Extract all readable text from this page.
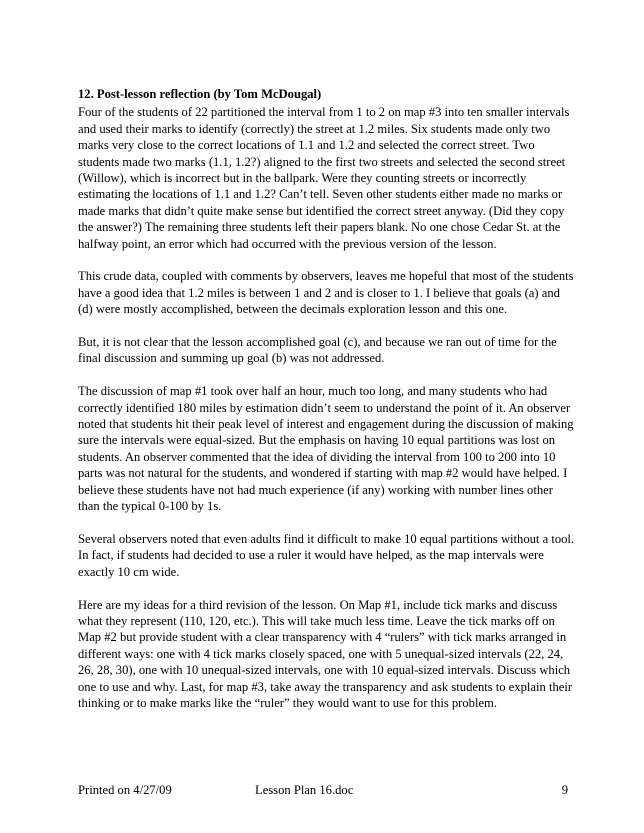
12. Post-lesson reflection (by Tom McDougal)

Four of the students of 22 partitioned the interval from 1 to 2 on map #3 into ten smaller intervals and used their marks to identify (correctly) the street at 1.2 miles. Six students made only two marks very close to the correct locations of 1.1 and 1.2 and selected the correct street. Two students made two marks (1.1, 1.2?) aligned to the first two streets and selected the second street (Willow), which is incorrect but in the ballpark. Were they counting streets or incorrectly estimating the locations of 1.1 and 1.2? Can’t tell. Seven other students either made no marks or made marks that didn’t quite make sense but identified the correct street anyway. (Did they copy the answer?) The remaining three students left their papers blank. No one chose Cedar St. at the halfway point, an error which had occurred with the previous version of the lesson.

This crude data, coupled with comments by observers, leaves me hopeful that most of the students have a good idea that 1.2 miles is between 1 and 2 and is closer to 1. I believe that goals (a) and (d) were mostly accomplished, between the decimals exploration lesson and this one.

But, it is not clear that the lesson accomplished goal (c), and because we ran out of time for the final discussion and summing up goal (b) was not addressed.

The discussion of map #1 took over half an hour, much too long, and many students who had correctly identified 180 miles by estimation didn’t seem to understand the point of it. An observer noted that students hit their peak level of interest and engagement during the discussion of making sure the intervals were equal-sized. But the emphasis on having 10 equal partitions was lost on students. An observer commented that the idea of dividing the interval from 100 to 200 into 10 parts was not natural for the students, and wondered if starting with map #2 would have helped. I believe these students have not had much experience (if any) working with number lines other than the typical 0-100 by 1s.

Several observers noted that even adults find it difficult to make 10 equal partitions without a tool. In fact, if students had decided to use a ruler it would have helped, as the map intervals were exactly 10 cm wide.

Here are my ideas for a third revision of the lesson. On Map #1, include tick marks and discuss what they represent (110, 120, etc.). This will take much less time. Leave the tick marks off on Map #2 but provide student with a clear transparency with 4 “rulers” with tick marks arranged in different ways: one with 4 tick marks closely spaced, one with 5 unequal-sized intervals (22, 24, 26, 28, 30), one with 10 unequal-sized intervals, one with 10 equal-sized intervals. Discuss which one to use and why. Last, for map #3, take away the transparency and ask students to explain their thinking or to make marks like the “ruler” they would want to use for this problem.

Printed on 4/27/09	Lesson Plan 16.doc	9
